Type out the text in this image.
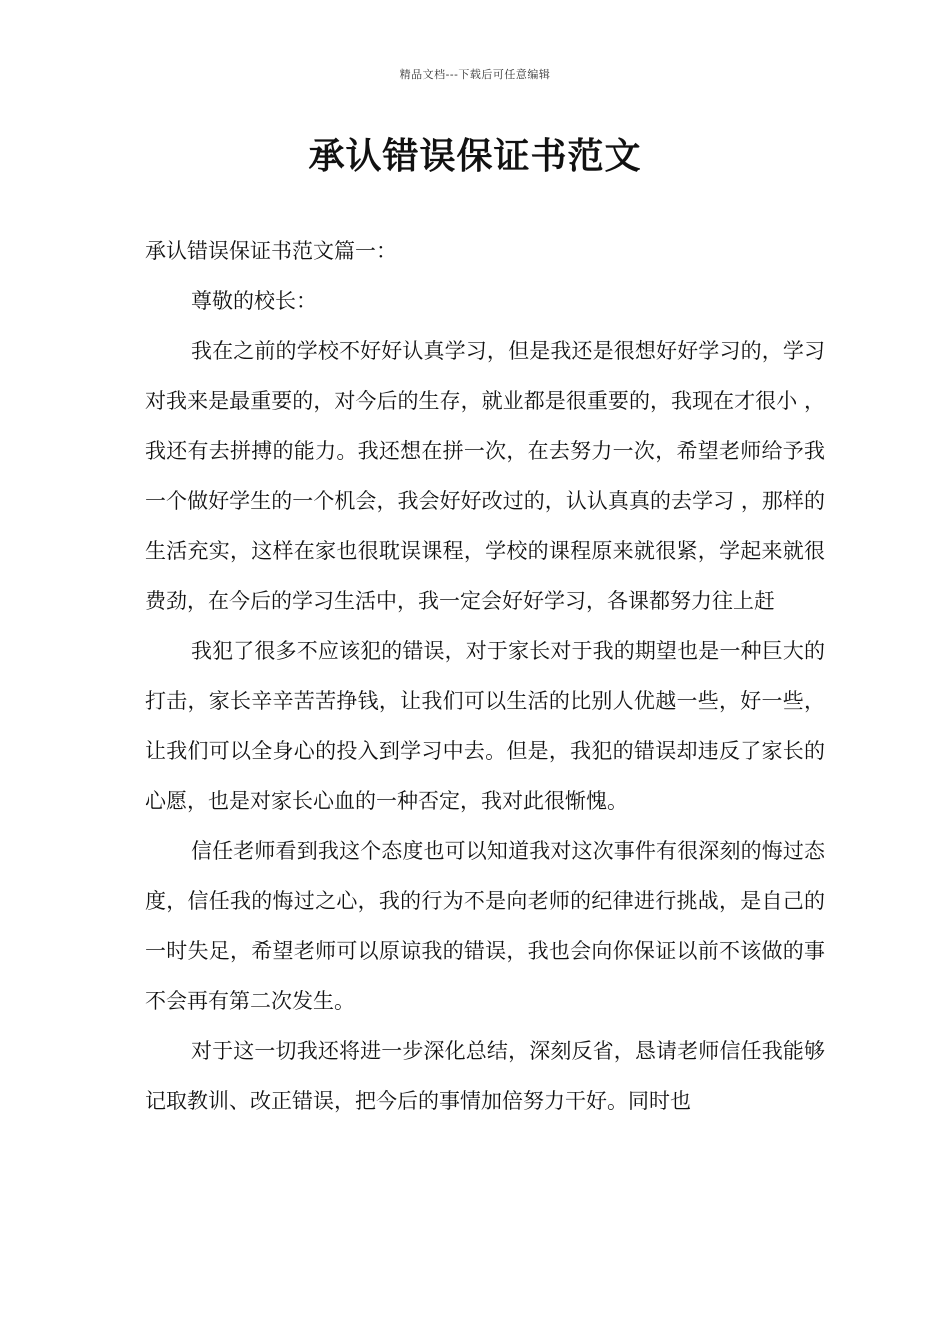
精品文档---下载后可任意编辑
承认错误保证书范文

承认错误保证书范文篇一：

尊敬的校长：

我在之前的学校不好好认真学习，但是我还是很想好好学习的，学习对我来是最重要的，对今后的生存，就业都是很重要的，我现在才很小 ，我还有去拼搏的能力。我还想在拼一次，在去努力一次，希望老师给予我一个做好学生的一个机会，我会好好改过的，认认真真的去学习 ，那样的生活充实，这样在家也很耽误课程，学校的课程原来就很紧，学起来就很费劲，在今后的学习生活中，我一定会好好学习，各课都努力往上赶

我犯了很多不应该犯的错误，对于家长对于我的期望也是一种巨大的打击，家长辛辛苦苦挣钱，让我们可以生活的比别人优越一些，好一些，让我们可以全身心的投入到学习中去。但是，我犯的错误却违反了家长的心愿，也是对家长心血的一种否定，我对此很惭愧。

信任老师看到我这个态度也可以知道我对这次事件有很深刻的悔过态度，信任我的悔过之心，我的行为不是向老师的纪律进行挑战，是自己的一时失足，希望老师可以原谅我的错误，我也会向你保证以前不该做的事不会再有第二次发生。

对于这一切我还将进一步深化总结，深刻反省，恳请老师信任我能够记取教训、改正错误，把今后的事情加倍努力干好。同时也
